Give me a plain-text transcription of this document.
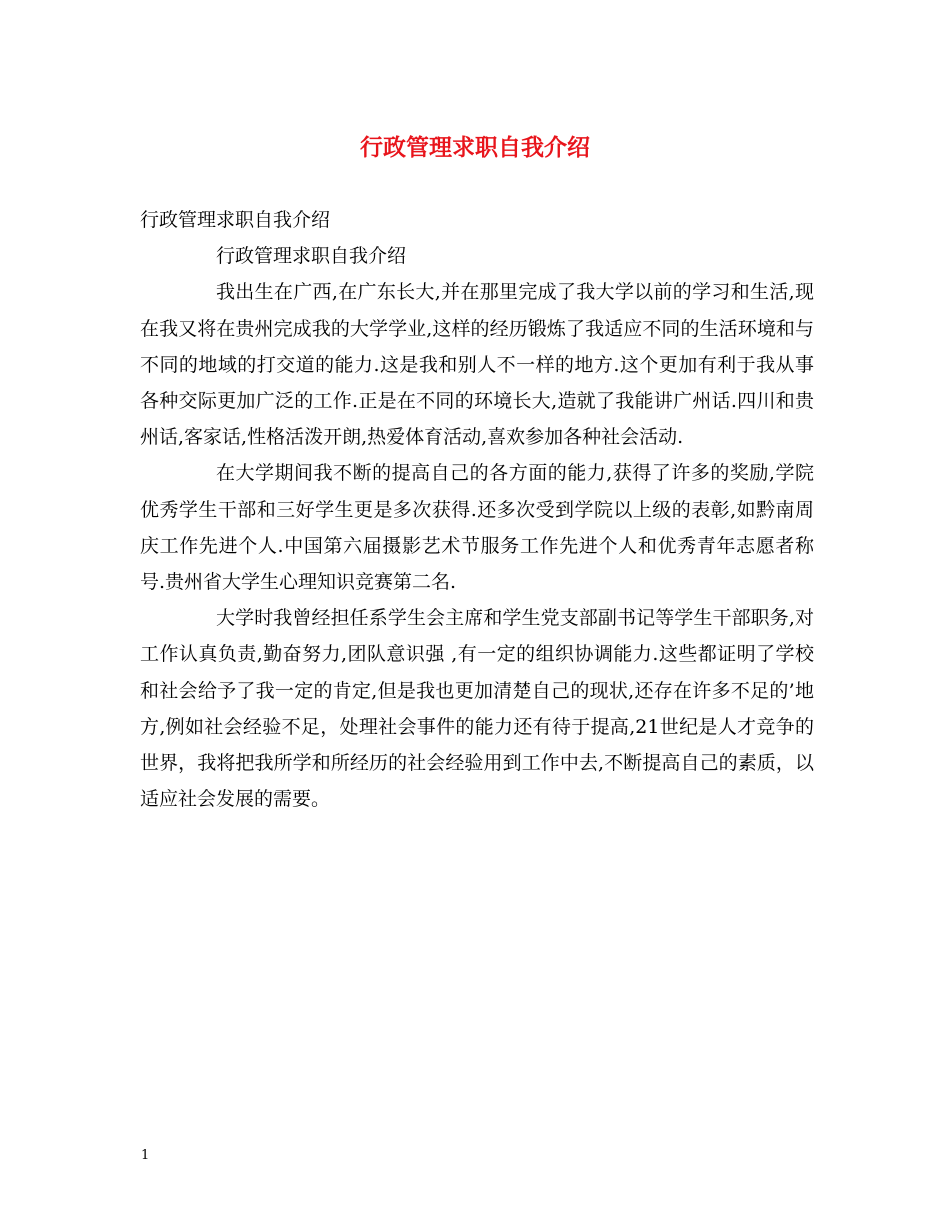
行政管理求职自我介绍

行政管理求职自我介绍

行政管理求职自我介绍

我出生在广西,在广东长大,并在那里完成了我大学以前的学习和生活,现在我又将在贵州完成我的大学学业,这样的经历锻炼了我适应不同的生活环境和与不同的地域的打交道的能力.这是我和别人不一样的地方.这个更加有利于我从事各种交际更加广泛的工作.正是在不同的环境长大,造就了我能讲广州话.四川和贵州话,客家话,性格活泼开朗,热爱体育活动,喜欢参加各种社会活动.

在大学期间我不断的提高自己的各方面的能力,获得了许多的奖励,学院优秀学生干部和三好学生更是多次获得.还多次受到学院以上级的表彰,如黔南周庆工作先进个人.中国第六届摄影艺术节服务工作先进个人和优秀青年志愿者称号.贵州省大学生心理知识竞赛第二名.

大学时我曾经担任系学生会主席和学生党支部副书记等学生干部职务,对工作认真负责,勤奋努力,团队意识强 ,有一定的组织协调能力.这些都证明了学校和社会给予了我一定的肯定,但是我也更加清楚自己的现状,还存在许多不足的’地方,例如社会经验不足，处理社会事件的能力还有待于提高,21世纪是人才竞争的世界，我将把我所学和所经历的社会经验用到工作中去,不断提高自己的素质，以适应社会发展的需要。

1
